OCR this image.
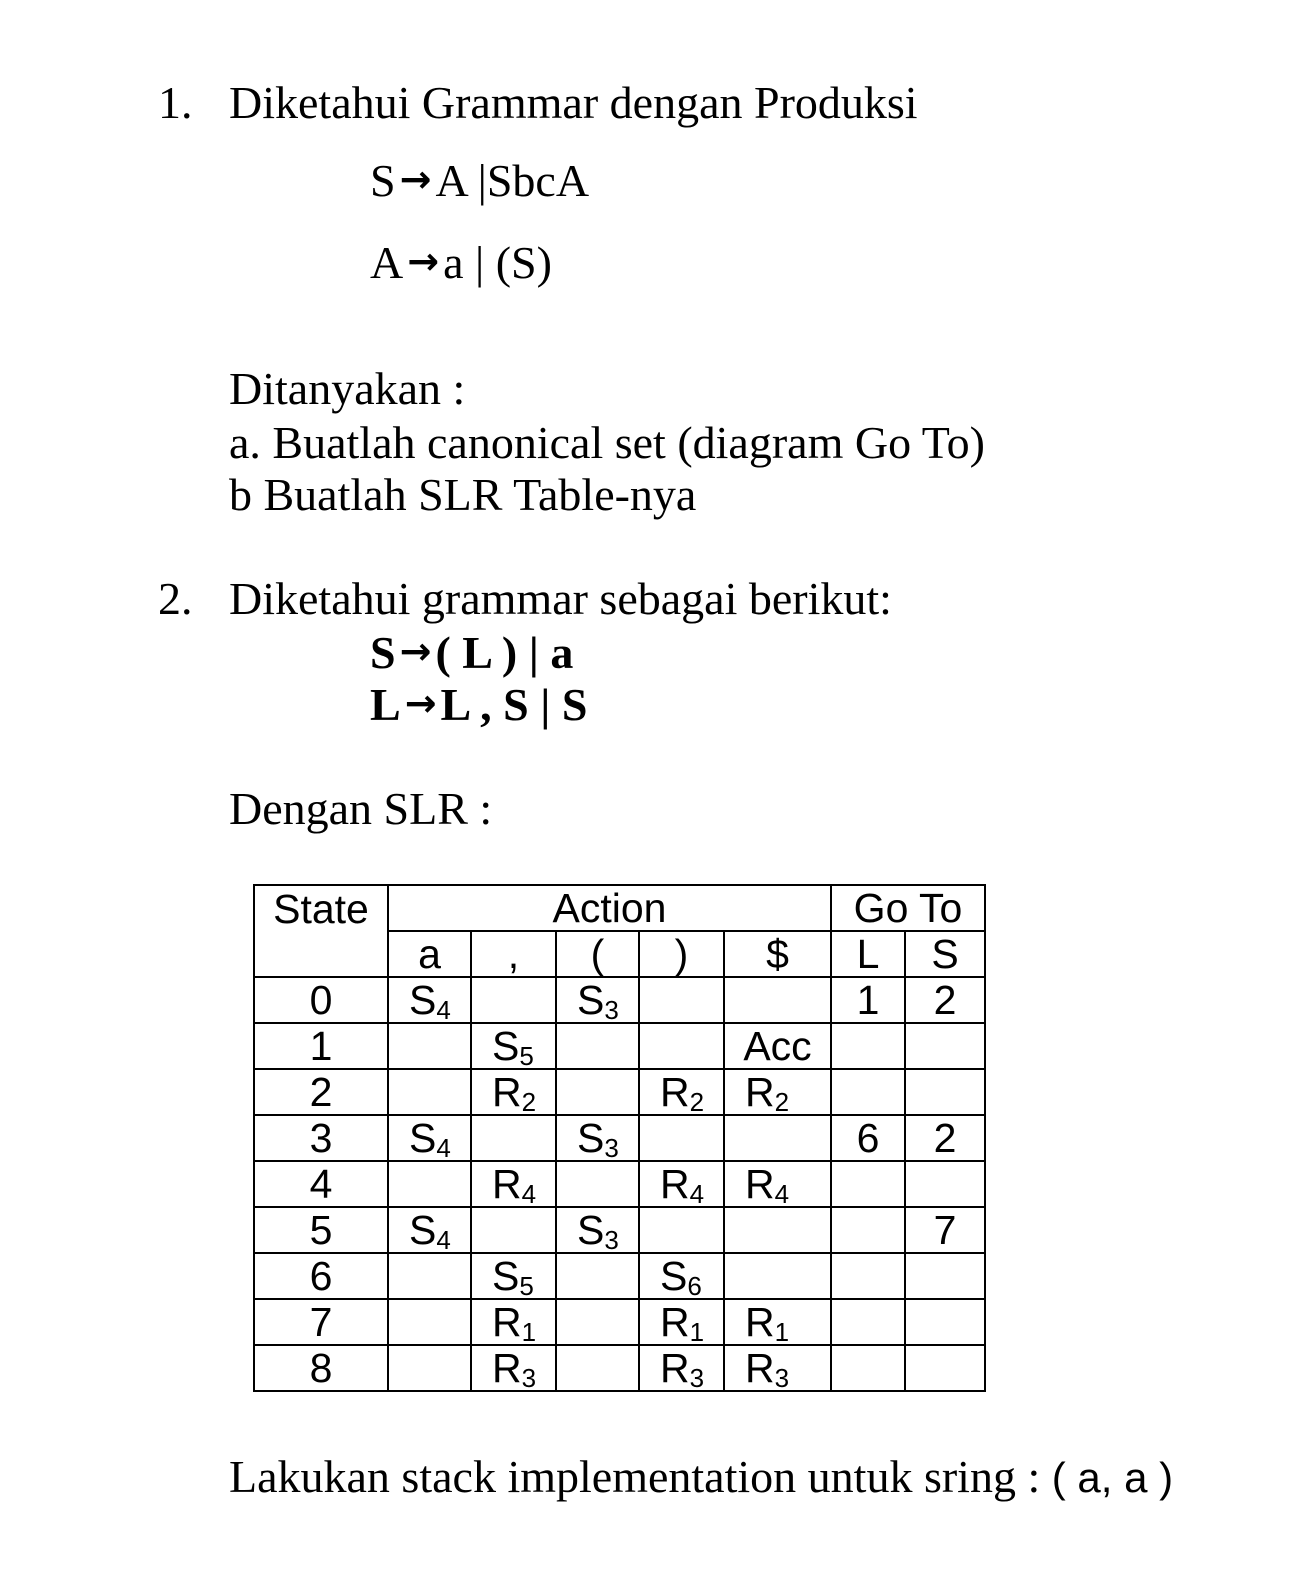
1. Diketahui Grammar dengan Produksi
S →A |SbcA
A →a | (S)
Ditanyakan :
a. Buatlah canonical set (diagram Go To)
b Buatlah SLR Table-nya
2. Diketahui grammar sebagai berikut:
S →( L ) | a
L →L , S | S
Dengan SLR :
State	Action					Go To	
	a	,	(	)	$	L	S
0	$S_4$		$S_3$			1	2
1		$S_5$			Acc		
2		$R_2$		$R_2$	$R_2$		
3	$S_4$		$S_3$			6	2
4		$R_4$		$R_4$	$R_4$		
5	$S_4$		$S_3$				7
6		$S_5$		$S_6$			
7		$R_1$		$R_1$	$R_1$		
8		$R_3$		$R_3$	$R_3$		
Lakukan stack implementation untuk sring : ( a, a )
